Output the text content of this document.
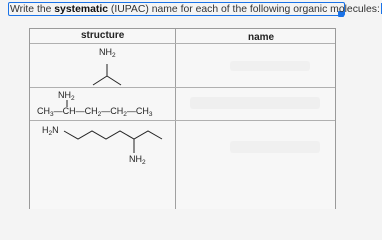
Write the systematic (IUPAC) name for each of the following organic molecules:
structure	name
$NH_2$
$NH_2$
$CH_3—CH—CH_2—CH_2—CH_3$
$H_2N$
$NH_2$
